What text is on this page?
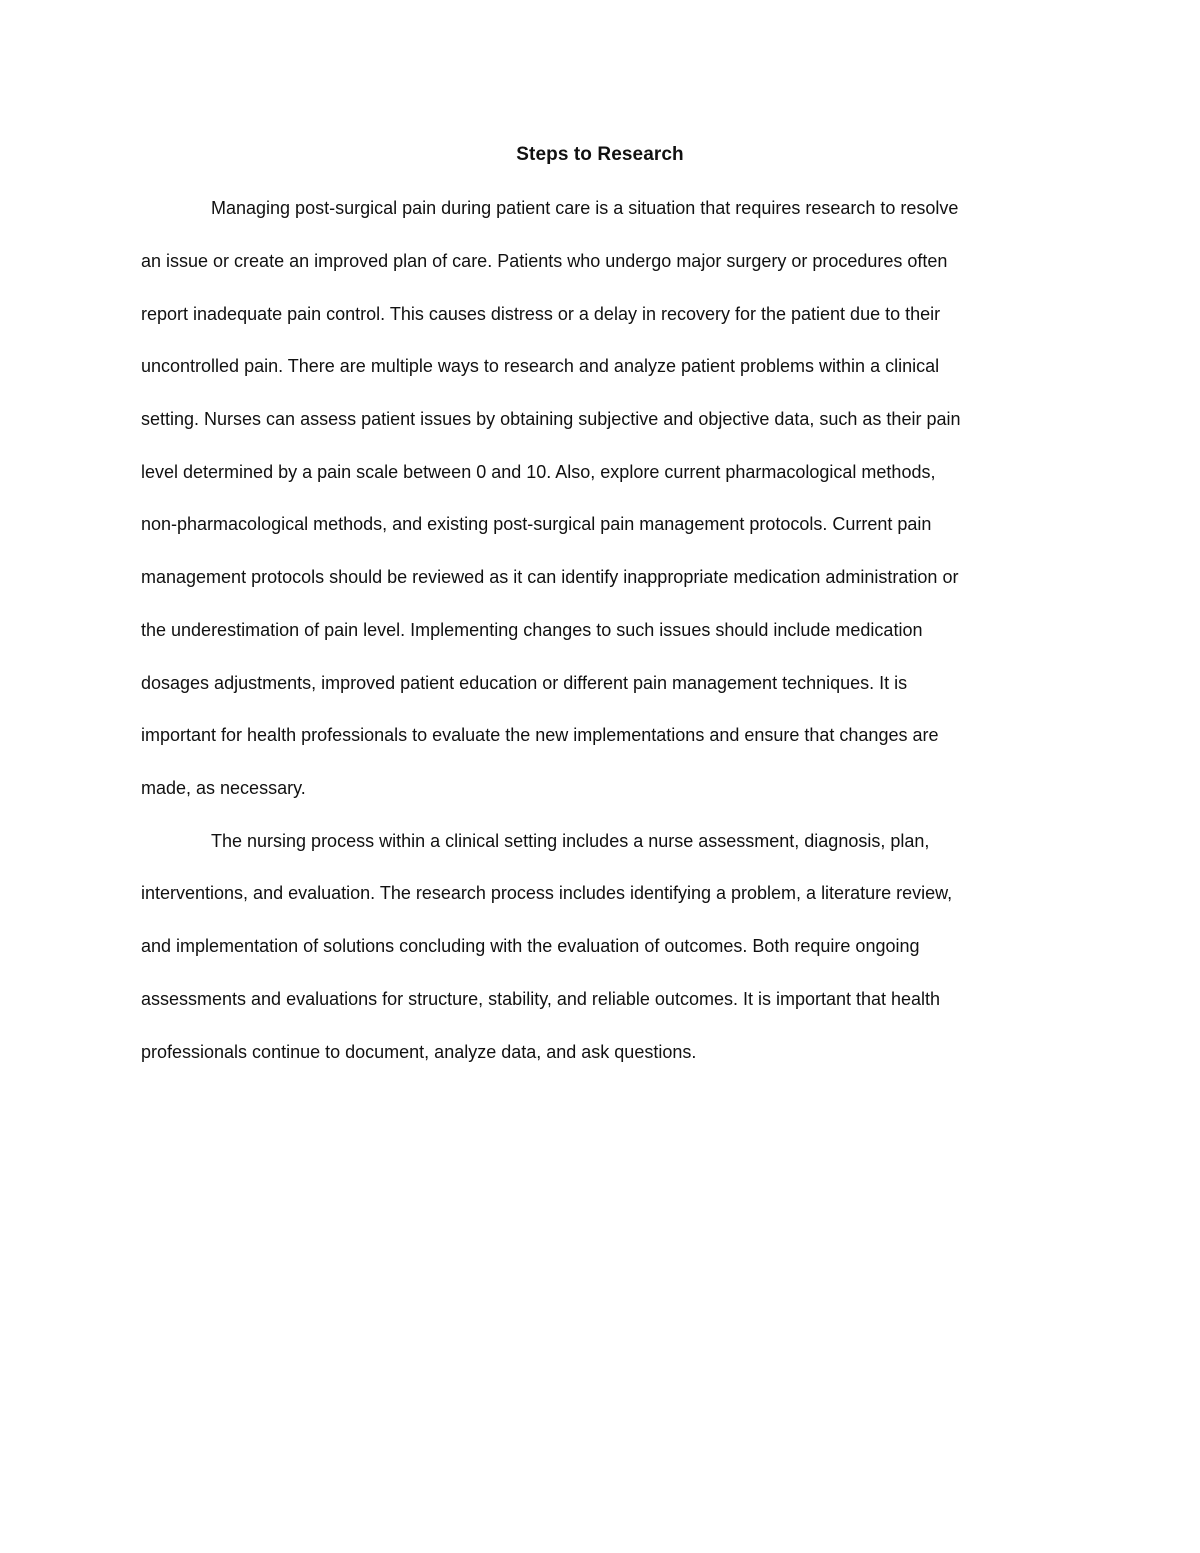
Steps to Research

Managing post-surgical pain during patient care is a situation that requires research to resolve

an issue or create an improved plan of care. Patients who undergo major surgery or procedures often

report inadequate pain control. This causes distress or a delay in recovery for the patient due to their

uncontrolled pain. There are multiple ways to research and analyze patient problems within a clinical

setting. Nurses can assess patient issues by obtaining subjective and objective data, such as their pain

level determined by a pain scale between 0 and 10. Also, explore current pharmacological methods,

non-pharmacological methods, and existing post-surgical pain management protocols. Current pain

management protocols should be reviewed as it can identify inappropriate medication administration or

the underestimation of pain level. Implementing changes to such issues should include medication

dosages adjustments, improved patient education or different pain management techniques. It is

important for health professionals to evaluate the new implementations and ensure that changes are

made, as necessary.

The nursing process within a clinical setting includes a nurse assessment, diagnosis, plan,

interventions, and evaluation. The research process includes identifying a problem, a literature review,

and implementation of solutions concluding with the evaluation of outcomes. Both require ongoing

assessments and evaluations for structure, stability, and reliable outcomes. It is important that health

professionals continue to document, analyze data, and ask questions.
